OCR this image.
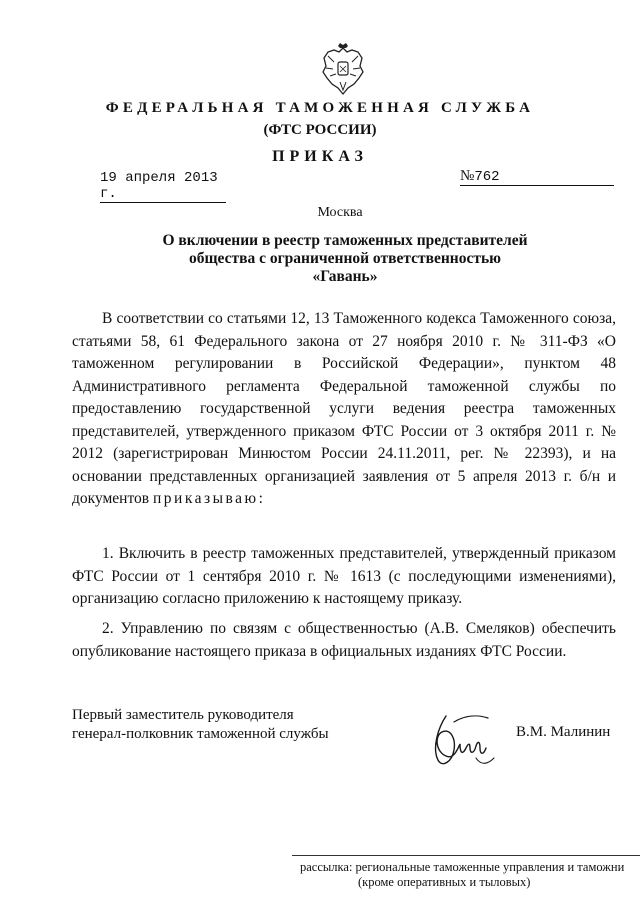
ФЕДЕРАЛЬНАЯ ТАМОЖЕННАЯ СЛУЖБА
(ФТС РОССИИ)
ПРИКАЗ
19 апреля 2013 г.
№762
Москва
О включении в реестр таможенных представителей
общества с ограниченной ответственностью
«Гавань»
В соответствии со статьями 12, 13 Таможенного кодекса Таможенного союза, статьями 58, 61 Федерального закона от 27 ноября 2010 г. № 311-ФЗ «О таможенном регулировании в Российской Федерации», пунктом 48 Административного регламента Федеральной таможенной службы по предоставлению государственной услуги ведения реестра таможенных представителей, утвержденного приказом ФТС России от 3 октября 2011 г. № 2012 (зарегистрирован Минюстом России 24.11.2011, рег. № 22393), и на основании представленных организацией заявления от 5 апреля 2013 г. б/н и документов приказываю:
1. Включить в реестр таможенных представителей, утвержденный приказом ФТС России от 1 сентября 2010 г. № 1613 (с последующими изменениями), организацию согласно приложению к настоящему приказу.
2. Управлению по связям с общественностью (А.В. Смеляков) обеспечить опубликование настоящего приказа в официальных изданиях ФТС России.
Первый заместитель руководителя
генерал-полковник таможенной службы	В.М. Малинин
рассылка: региональные таможенные управления и таможни
(кроме оперативных и тыловых)
